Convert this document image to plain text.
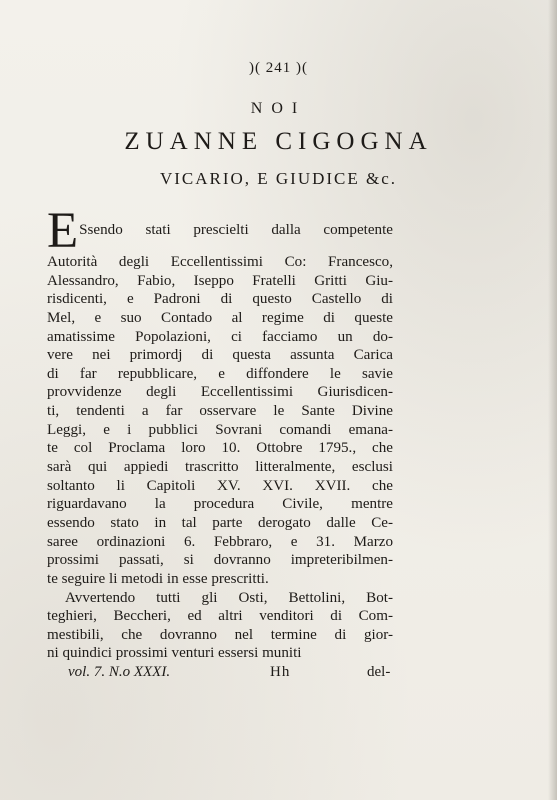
)( 241 )(
NOI
ZUANNE CIGOGNA
VICARIO, E GIUDICE &c.
E Ssendo stati prescielti dalla competente
Autorità degli Eccellentissimi Co: Francesco,
Alessandro, Fabio, Iseppo Fratelli Gritti Giu-
risdicenti, e Padroni di questo Castello di
Mel, e suo Contado al regime di queste
amatissime Popolazioni, ci facciamo un do-
vere nei primordj di questa assunta Carica
di far repubblicare, e diffondere le savie
provvidenze degli Eccellentissimi Giurisdicen-
ti, tendenti a far osservare le Sante Divine
Leggi, e i pubblici Sovrani comandi emana-
te col Proclama loro 10. Ottobre 1795., che
sarà qui appiedi trascritto litteralmente, esclusi
soltanto li Capitoli XV. XVI. XVII. che
riguardavano la procedura Civile, mentre
essendo stato in tal parte derogato dalle Ce-
saree ordinazioni 6. Febbraro, e 31. Marzo
prossimi passati, si dovranno impreteribilmen-
te seguire li metodi in esse prescritti.
Avvertendo tutti gli Osti, Bettolini, Bot-
teghieri, Beccheri, ed altri venditori di Com-
mestibili, che dovranno nel termine di gior-
ni quindici prossimi venturi essersi muniti
vol. 7. N.o XXXI.	Hh	del-
